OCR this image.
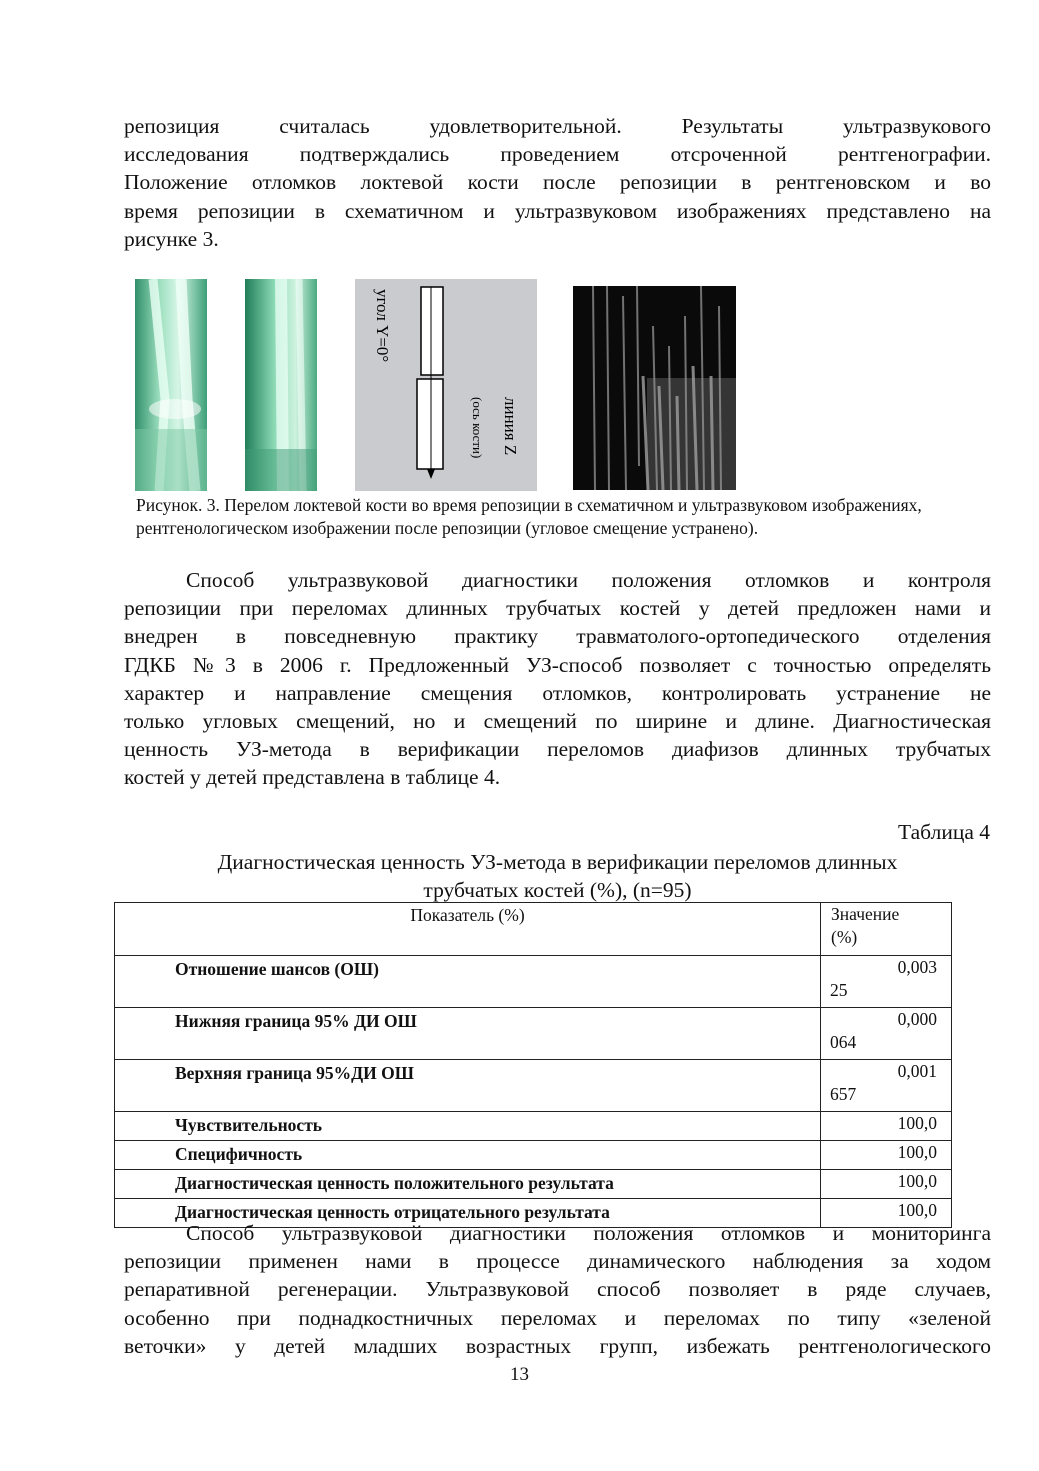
репозиция считалась удовлетворительной. Результаты ультразвукового
исследования подтверждались проведением отсроченной рентгенографии.
Положение отломков локтевой кости после репозиции в рентгеновском и во
время репозиции в схематичном и ультразвуковом изображениях представлено на
рисунке 3.
угол Y=0°
линия Z
(ось кости)

Рисунок. 3. Перелом локтевой кости во время репозиции в схематичном и ультразвуковом изображениях, рентгенологическом изображении после репозиции (угловое смещение устранено).

Способ ультразвуковой диагностики положения отломков и контроля
репозиции при переломах длинных трубчатых костей у детей предложен нами и
внедрен в повседневную практику травматолого-ортопедического отделения
ГДКБ №3 в 2006 г. Предложенный УЗ-способ позволяет с точностью определять
характер и направление смещения отломков, контролировать устранение не
только угловых смещений, но и смещений по ширине и длине. Диагностическая
ценность УЗ-метода в верификации переломов диафизов длинных трубчатых
костей у детей представлена в таблице 4.
Таблица 4
Диагностическая ценность УЗ-метода в верификации переломов длинных
трубчатых костей (%), (n=95)
Показатель (%)	Значение
(%)

Отношение шансов (ОШ)	0,003
25

Нижняя граница 95% ДИ ОШ	0,000
064

Верхняя граница 95%ДИ ОШ	0,001
657

Чувствительность	100,0
Специфичность	100,0
Диагностическая ценность положительного результата	100,0
Диагностическая ценность отрицательного результата	100,0
Способ ультразвуковой диагностики положения отломков и мониторинга
репозиции применен нами в процессе динамического наблюдения за ходом
репаративной регенерации. Ультразвуковой способ позволяет в ряде случаев,
особенно при поднадкостничных переломах и переломах по типу «зеленой
веточки» у детей младших возрастных групп, избежать рентгенологического
13
